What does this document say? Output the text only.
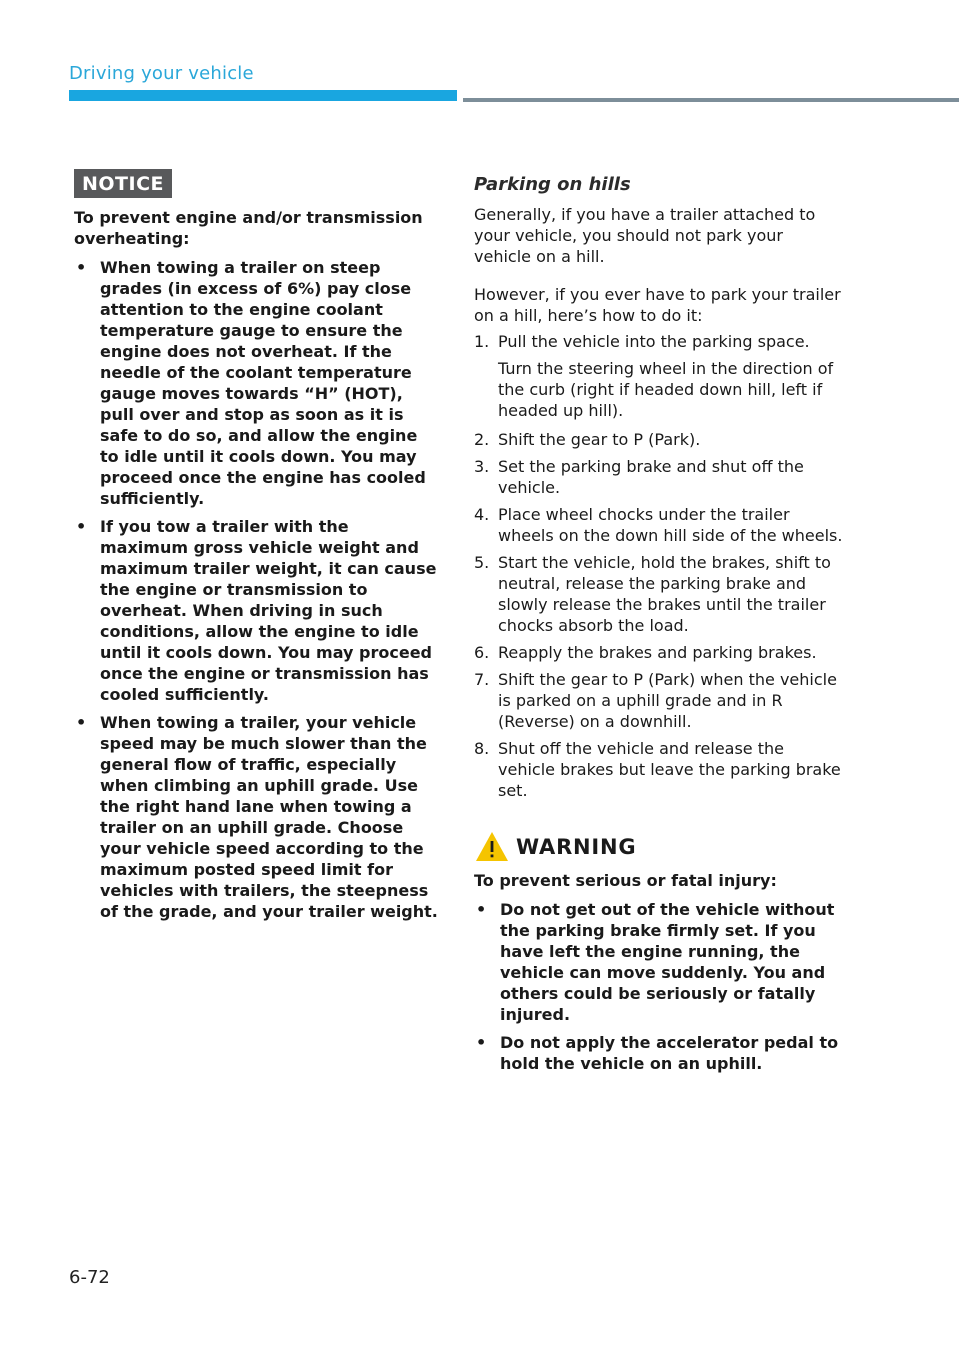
Driving your vehicle
NOTICE
To prevent engine and/or transmission overheating:
• When towing a trailer on steep grades (in excess of 6%) pay close attention to the engine coolant temperature gauge to ensure the engine does not overheat. If the needle of the coolant temperature gauge moves towards “H” (HOT), pull over and stop as soon as it is safe to do so, and allow the engine to idle until it cools down. You may proceed once the engine has cooled sufficiently.
• If you tow a trailer with the maximum gross vehicle weight and maximum trailer weight, it can cause the engine or transmission to overheat. When driving in such conditions, allow the engine to idle until it cools down. You may proceed once the engine or transmission has cooled sufficiently.
• When towing a trailer, your vehicle speed may be much slower than the general flow of traffic, especially when climbing an uphill grade. Use the right hand lane when towing a trailer on an uphill grade. Choose your vehicle speed according to the maximum posted speed limit for vehicles with trailers, the steepness of the grade, and your trailer weight.
Parking on hills
Generally, if you have a trailer attached to your vehicle, you should not park your vehicle on a hill.
However, if you ever have to park your trailer on a hill, here’s how to do it:
1. Pull the vehicle into the parking space.
Turn the steering wheel in the direction of the curb (right if headed down hill, left if headed up hill).
2. Shift the gear to P (Park).
3. Set the parking brake and shut off the vehicle.
4. Place wheel chocks under the trailer wheels on the down hill side of the wheels.
5. Start the vehicle, hold the brakes, shift to neutral, release the parking brake and slowly release the brakes until the trailer chocks absorb the load.
6. Reapply the brakes and parking brakes.
7. Shift the gear to P (Park) when the vehicle is parked on a uphill grade and in R (Reverse) on a downhill.
8. Shut off the vehicle and release the vehicle brakes but leave the parking brake set.
WARNING
To prevent serious or fatal injury:
• Do not get out of the vehicle without the parking brake firmly set. If you have left the engine running, the vehicle can move suddenly. You and others could be seriously or fatally injured.
• Do not apply the accelerator pedal to hold the vehicle on an uphill.
6-72
